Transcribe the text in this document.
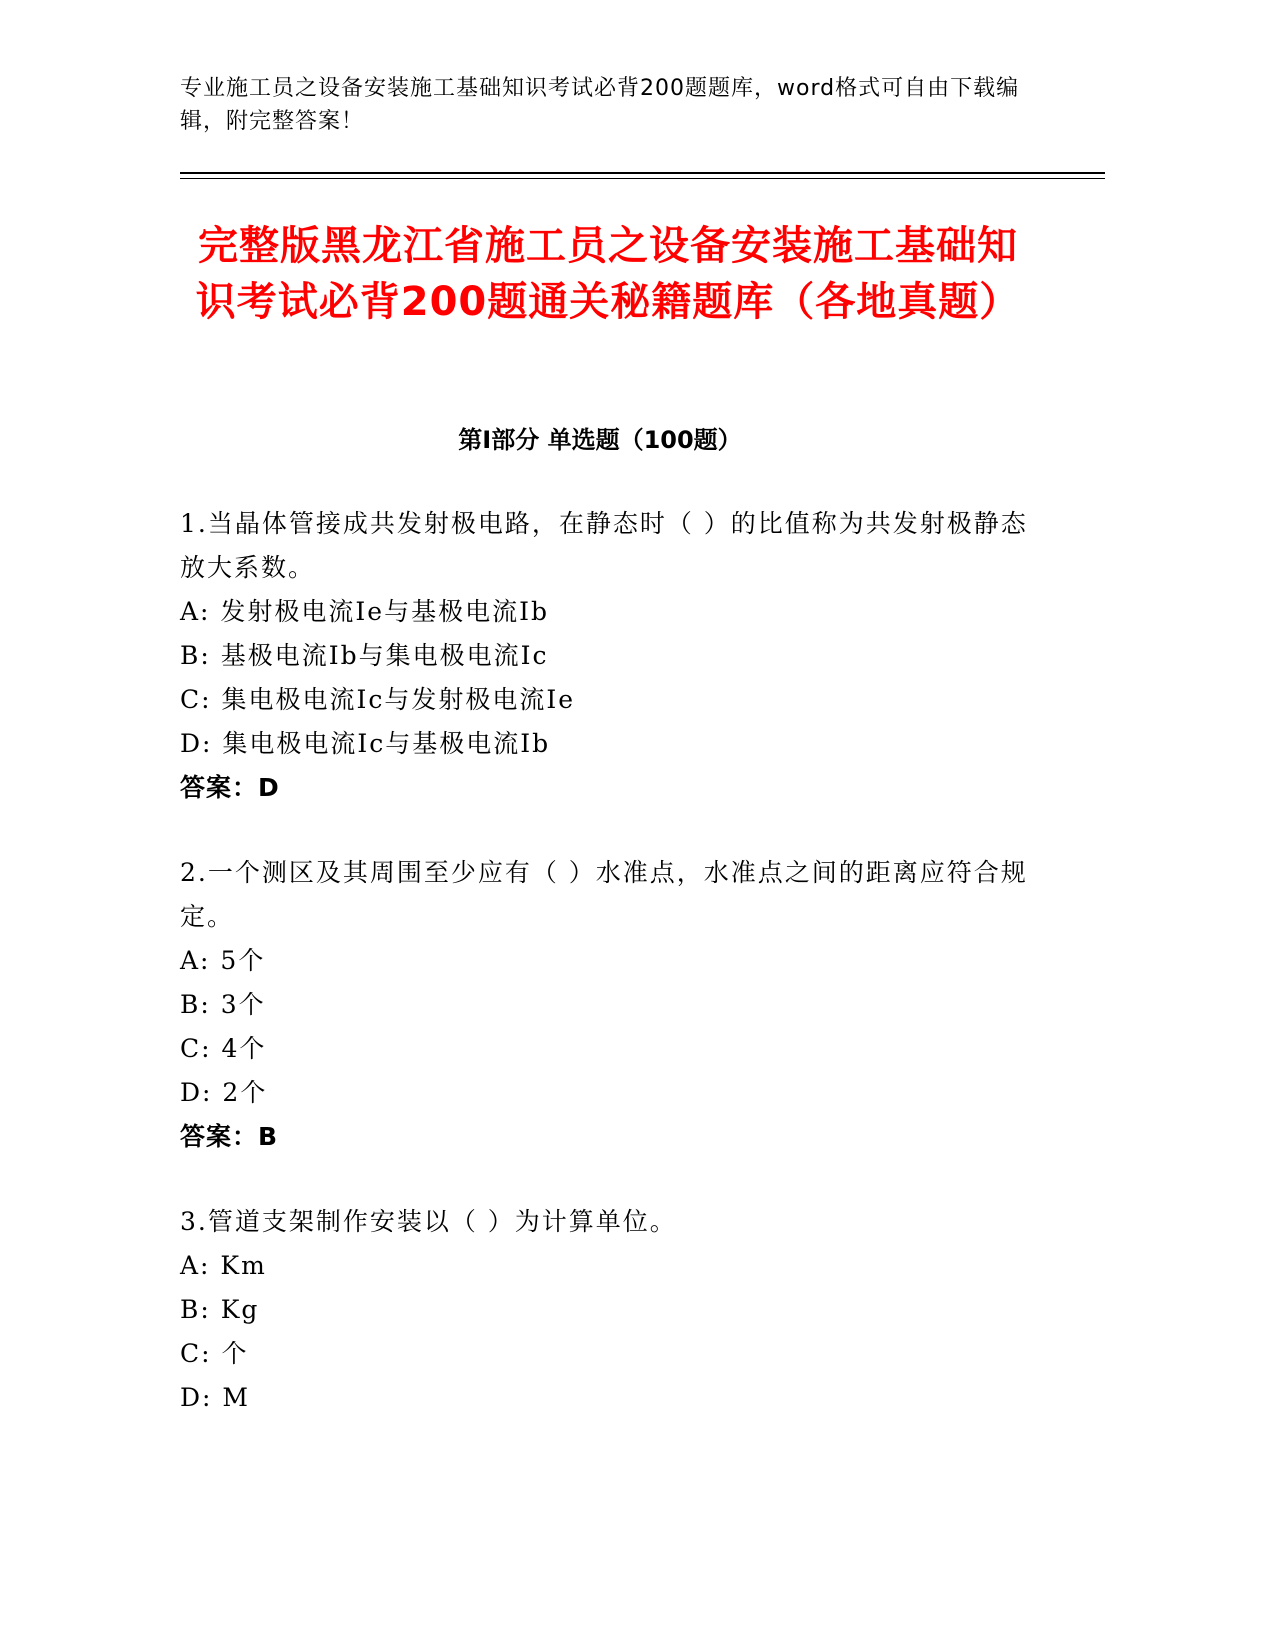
专业施工员之设备安装施工基础知识考试必背200题题库，word格式可自由下载编辑，附完整答案！
完整版黑龙江省施工员之设备安装施工基础知识考试必背200题通关秘籍题库（各地真题）
第Ⅰ部分 单选题（100题）

1.当晶体管接成共发射极电路，在静态时（ ）的比值称为共发射极静态放大系数。

A: 发射极电流Ie与基极电流Ib

B: 基极电流Ib与集电极电流Ic

C: 集电极电流Ic与发射极电流Ie

D: 集电极电流Ic与基极电流Ib

答案：D

2.一个测区及其周围至少应有（ ）水准点，水准点之间的距离应符合规定。

A: 5个

B: 3个

C: 4个

D: 2个

答案：B

3.管道支架制作安装以（ ）为计算单位。

A: Km

B: Kg

C: 个

D: M
